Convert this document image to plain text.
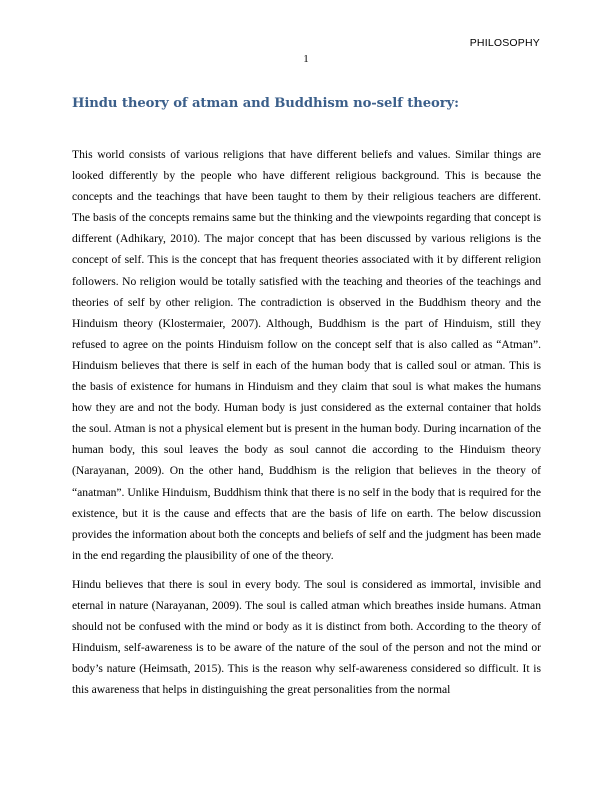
PHILOSOPHY
1
Hindu theory of atman and Buddhism no-self theory:

This world consists of various religions that have different beliefs and values. Similar things are looked differently by the people who have different religious background. This is because the concepts and the teachings that have been taught to them by their religious teachers are different. The basis of the concepts remains same but the thinking and the viewpoints regarding that concept is different (Adhikary, 2010). The major concept that has been discussed by various religions is the concept of self. This is the concept that has frequent theories associated with it by different religion followers. No religion would be totally satisfied with the teaching and theories of the teachings and theories of self by other religion. The contradiction is observed in the Buddhism theory and the Hinduism theory (Klostermaier, 2007). Although, Buddhism is the part of Hinduism, still they refused to agree on the points Hinduism follow on the concept self that is also called as “Atman”. Hinduism believes that there is self in each of the human body that is called soul or atman. This is the basis of existence for humans in Hinduism and they claim that soul is what makes the humans how they are and not the body. Human body is just considered as the external container that holds the soul. Atman is not a physical element but is present in the human body. During incarnation of the human body, this soul leaves the body as soul cannot die according to the Hinduism theory (Narayanan, 2009). On the other hand, Buddhism is the religion that believes in the theory of “anatman”. Unlike Hinduism, Buddhism think that there is no self in the body that is required for the existence, but it is the cause and effects that are the basis of life on earth. The below discussion provides the information about both the concepts and beliefs of self and the judgment has been made in the end regarding the plausibility of one of the theory.

Hindu believes that there is soul in every body. The soul is considered as immortal, invisible and eternal in nature (Narayanan, 2009). The soul is called atman which breathes inside humans. Atman should not be confused with the mind or body as it is distinct from both. According to the theory of Hinduism, self-awareness is to be aware of the nature of the soul of the person and not the mind or body’s nature (Heimsath, 2015). This is the reason why self-awareness considered so difficult. It is this awareness that helps in distinguishing the great personalities from the normal
